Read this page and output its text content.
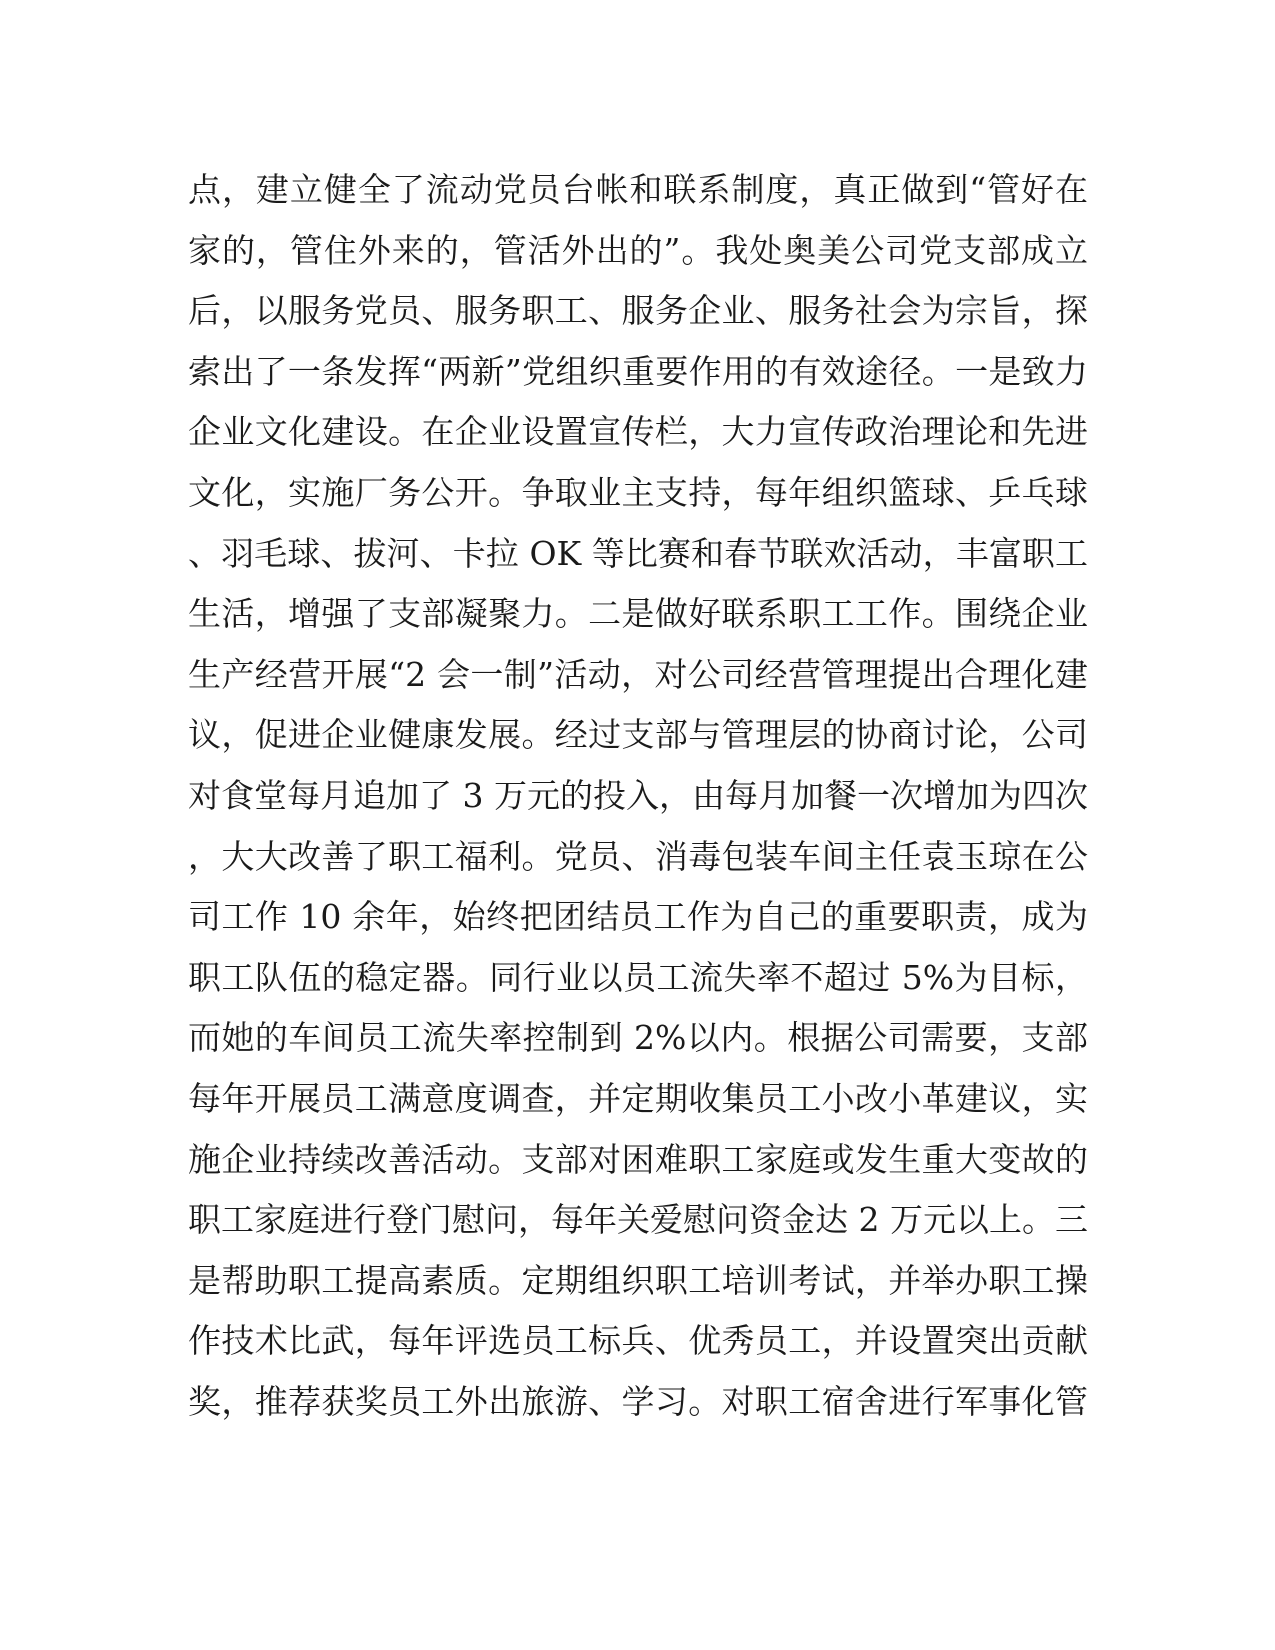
点，建立健全了流动党员台帐和联系制度，真正做到“管好在
家的，管住外来的，管活外出的”。我处奥美公司党支部成立
后，以服务党员、服务职工、服务企业、服务社会为宗旨，探
索出了一条发挥“两新”党组织重要作用的有效途径。一是致力
企业文化建设。在企业设置宣传栏，大力宣传政治理论和先进
文化，实施厂务公开。争取业主支持，每年组织篮球、乒乓球
、羽毛球、拔河、卡拉 OK 等比赛和春节联欢活动，丰富职工
生活，增强了支部凝聚力。二是做好联系职工工作。围绕企业
生产经营开展“2 会一制”活动，对公司经营管理提出合理化建
议，促进企业健康发展。经过支部与管理层的协商讨论，公司
对食堂每月追加了 3 万元的投入，由每月加餐一次增加为四次
，大大改善了职工福利。党员、消毒包装车间主任袁玉琼在公
司工作 10 余年，始终把团结员工作为自己的重要职责，成为
职工队伍的稳定器。同行业以员工流失率不超过 5%为目标，
而她的车间员工流失率控制到 2%以内。根据公司需要，支部
每年开展员工满意度调查，并定期收集员工小改小革建议，实
施企业持续改善活动。支部对困难职工家庭或发生重大变故的
职工家庭进行登门慰问，每年关爱慰问资金达 2 万元以上。三
是帮助职工提高素质。定期组织职工培训考试，并举办职工操
作技术比武，每年评选员工标兵、优秀员工，并设置突出贡献
奖，推荐获奖员工外出旅游、学习。对职工宿舍进行军事化管
